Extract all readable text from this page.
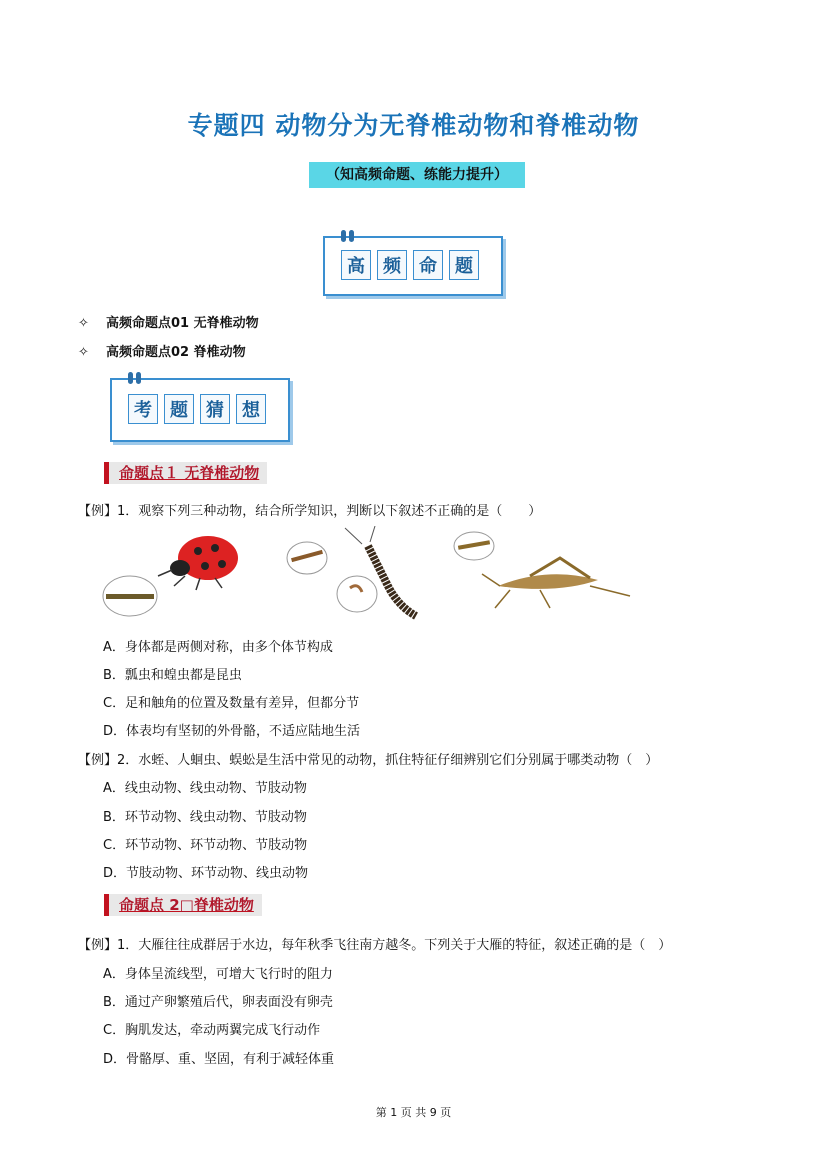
专题四 动物分为无脊椎动物和脊椎动物
（知高频命题、练能力提升）
高	频	命	题
✧ 高频命题点01 无脊椎动物
✧ 高频命题点02 脊椎动物
考	题	猜	想
命题点１ 无脊椎动物
【例】1．观察下列三种动物，结合所学知识，判断以下叙述不正确的是（　　）
A．身体都是两侧对称，由多个体节构成
B．瓢虫和蝗虫都是昆虫
C．足和触角的位置及数量有差异，但都分节
D．体表均有坚韧的外骨骼，不适应陆地生活
【例】2．水蛭、人蛔虫、蜈蚣是生活中常见的动物，抓住特征仔细辨别它们分别属于哪类动物（　）
A．线虫动物、线虫动物、节肢动物
B．环节动物、线虫动物、节肢动物
C．环节动物、环节动物、节肢动物
D．节肢动物、环节动物、线虫动物
命题点 2□脊椎动物
【例】1．大雁往往成群居于水边，每年秋季飞往南方越冬。下列关于大雁的特征，叙述正确的是（　）
A．身体呈流线型，可增大飞行时的阻力
B．通过产卵繁殖后代，卵表面没有卵壳
C．胸肌发达，牵动两翼完成飞行动作
D．骨骼厚、重、坚固，有利于减轻体重
第 1 页 共 9 页
